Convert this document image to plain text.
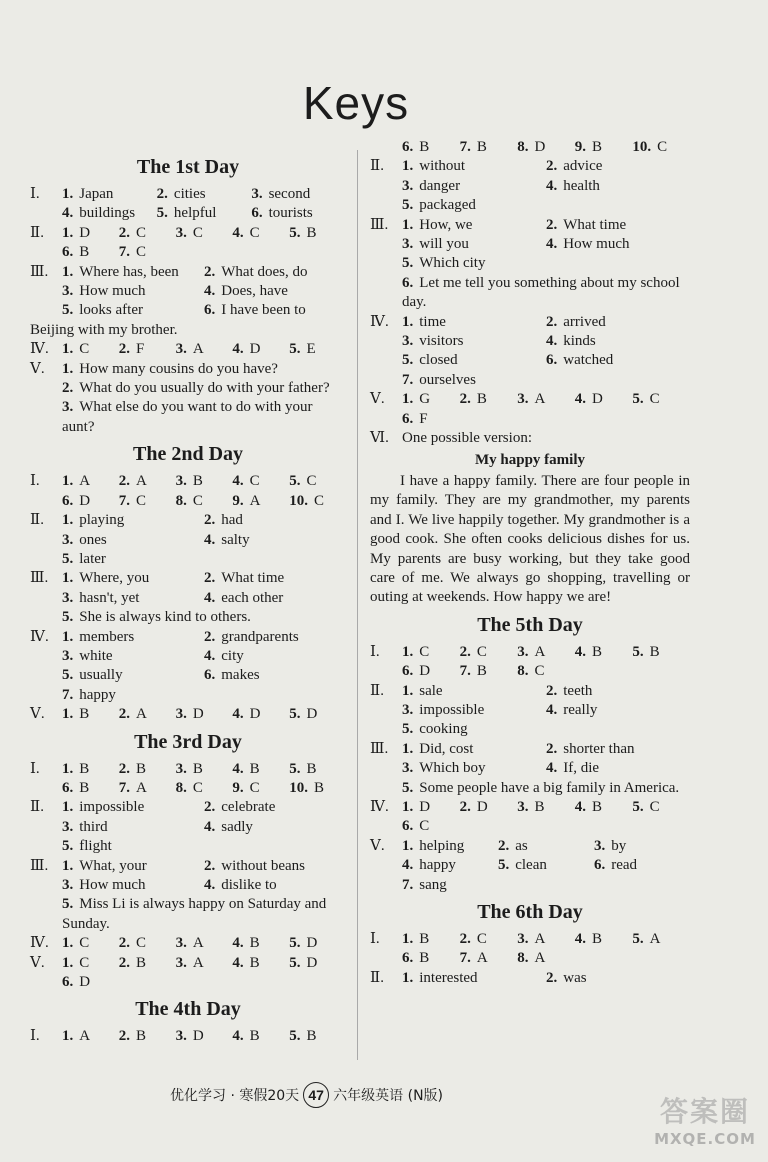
Keys
The 1st Day
Ⅰ.	1. Japan	2. cities	3. second
4. buildings	5. helpful	6. tourists
Ⅱ.	1. D	2. C	3. C	4. C	5. B
6. B	7. C
Ⅲ. 1. Where has, been	2. What does, do
3. How much	4. Does, have
5. looks after	6. I have been to
Beijing with my brother.
Ⅳ. 1. C	2. F	3. A	4. D	5. E
Ⅴ.	1. How many cousins do you have?
2. What do you usually do with your father?
3. What else do you want to do with your aunt?
The 2nd Day
Ⅰ.	1. A	2. A	3. B	4. C	5. C
6. D	7. C	8. C	9. A	10. C
Ⅱ.	1. playing	2. had
3. ones	4. salty
5. later
Ⅲ. 1. Where, you	2. What time
3. hasn't, yet	4. each other
5. She is always kind to others.
Ⅳ. 1. members	2. grandparents
3. white	4. city
5. usually	6. makes
7. happy
Ⅴ.	1. B	2. A	3. D	4. D	5. D
The 3rd Day
Ⅰ.	1. B	2. B	3. B	4. B	5. B
6. B	7. A	8. C	9. C	10. B
Ⅱ.	1. impossible	2. celebrate
3. third	4. sadly
5. flight
Ⅲ. 1. What, your	2. without beans
3. How much	4. dislike to
5. Miss Li is always happy on Saturday and Sunday.
Ⅳ. 1. C	2. C	3. A	4. B	5. D
Ⅴ.	1. C	2. B	3. A	4. B	5. D
6. D
The 4th Day
Ⅰ.	1. A	2. B	3. D	4. B	5. B
6. B	7. B	8. D	9. B	10. C
Ⅱ.	1. without	2. advice
3. danger	4. health
5. packaged
Ⅲ. 1. How, we	2. What time
3. will you	4. How much
5. Which city
6. Let me tell you something about my school day.
Ⅳ. 1. time	2. arrived
3. visitors	4. kinds
5. closed	6. watched
7. ourselves
Ⅴ.	1. G	2. B	3. A	4. D	5. C
6. F
Ⅵ. One possible version:
My happy family
I have a happy family. There are four people in my family. They are my grandmother, my parents and I. We live happily together. My grandmother is a good cook. She often cooks delicious dishes for us. My parents are busy working, but they take good care of me. We always go shopping, travelling or outing at weekends. How happy we are!
The 5th Day
Ⅰ.	1. C	2. C	3. A	4. B	5. B
6. D	7. B	8. C
Ⅱ.	1. sale	2. teeth
3. impossible	4. really
5. cooking
Ⅲ. 1. Did, cost	2. shorter than
3. Which boy	4. If, die
5. Some people have a big family in America.
Ⅳ. 1. D	2. D	3. B	4. B	5. C
6. C
Ⅴ.	1. helping	2. as	3. by
4. happy	5. clean	6. read
7. sang
The 6th Day
Ⅰ.	1. B	2. C	3. A	4. B	5. A
6. B	7. A	8. A
Ⅱ.	1. interested	2. was
优化学习 · 寒假20天 47 六年级英语 (N版)	答案圈
MXQE.COM
